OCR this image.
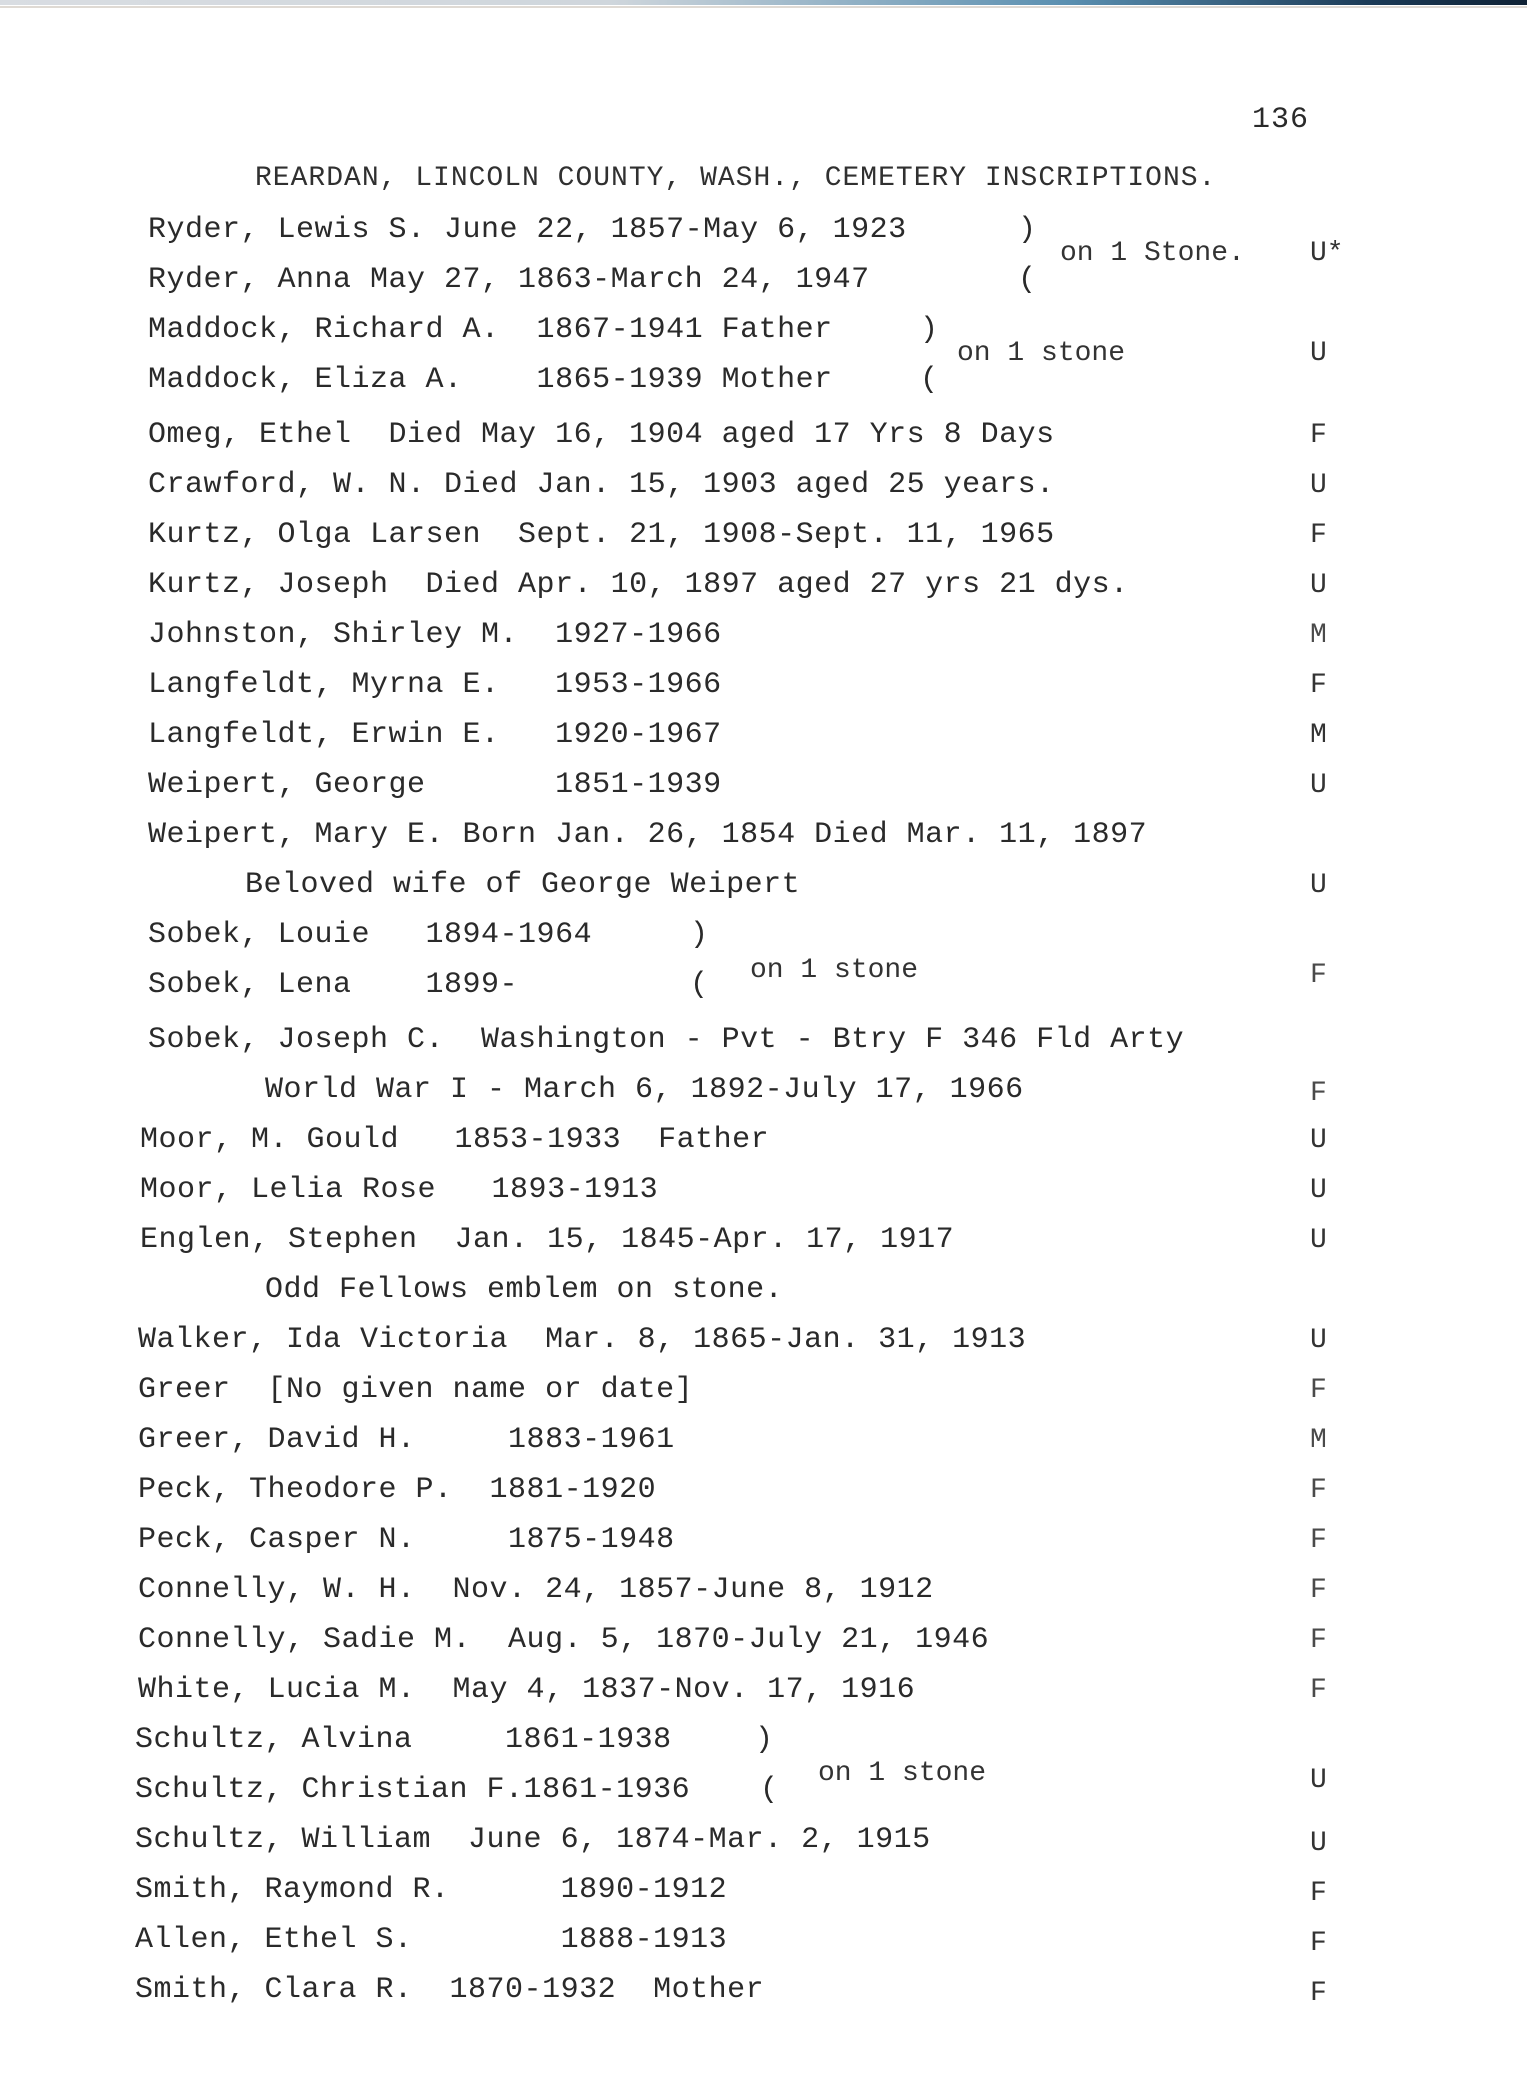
136
REARDAN, LINCOLN COUNTY, WASH., CEMETERY INSCRIPTIONS.
Ryder, Lewis S. June 22, 1857-May 6, 1923	)
Ryder, Anna May 27, 1863-March 24, 1947	(
on 1 Stone. U*
Maddock, Richard A.  1867-1941 Father	)
Maddock, Eliza A.    1865-1939 Mother	(
on 1 stone	U
Omeg, Ethel  Died May 16, 1904 aged 17 Yrs 8 Days	F
Crawford, W. N. Died Jan. 15, 1903 aged 25 years.	U
Kurtz, Olga Larsen  Sept. 21, 1908-Sept. 11, 1965	F
Kurtz, Joseph  Died Apr. 10, 1897 aged 27 yrs 21 dys.	U
Johnston, Shirley M.  1927-1966	M
Langfeldt, Myrna E.   1953-1966	F
Langfeldt, Erwin E.   1920-1967	M
Weipert, George       1851-1939	U
Weipert, Mary E. Born Jan. 26, 1854 Died Mar. 11, 1897
Beloved wife of George Weipert	U
Sobek, Louie   1894-1964	)
Sobek, Lena    1899-	( on 1 stone	F
Sobek, Joseph C.  Washington - Pvt - Btry F 346 Fld Arty
World War I - March 6, 1892-July 17, 1966	F
Moor, M. Gould   1853-1933  Father	U
Moor, Lelia Rose   1893-1913	U
Englen, Stephen  Jan. 15, 1845-Apr. 17, 1917	U
Odd Fellows emblem on stone.
Walker, Ida Victoria  Mar. 8, 1865-Jan. 31, 1913	U
Greer  [No given name or date]	F
Greer, David H.     1883-1961	M
Peck, Theodore P.  1881-1920	F
Peck, Casper N.     1875-1948	F
Connelly, W. H.  Nov. 24, 1857-June 8, 1912	F
Connelly, Sadie M.  Aug. 5, 1870-July 21, 1946	F
White, Lucia M.  May 4, 1837-Nov. 17, 1916	F
Schultz, Alvina     1861-1938	)
Schultz, Christian F.1861-1936 ( on 1 stone	U
Schultz, William  June 6, 1874-Mar. 2, 1915	U
Smith, Raymond R.      1890-1912	F
Allen, Ethel S.        1888-1913	F
Smith, Clara R.  1870-1932  Mother	F
